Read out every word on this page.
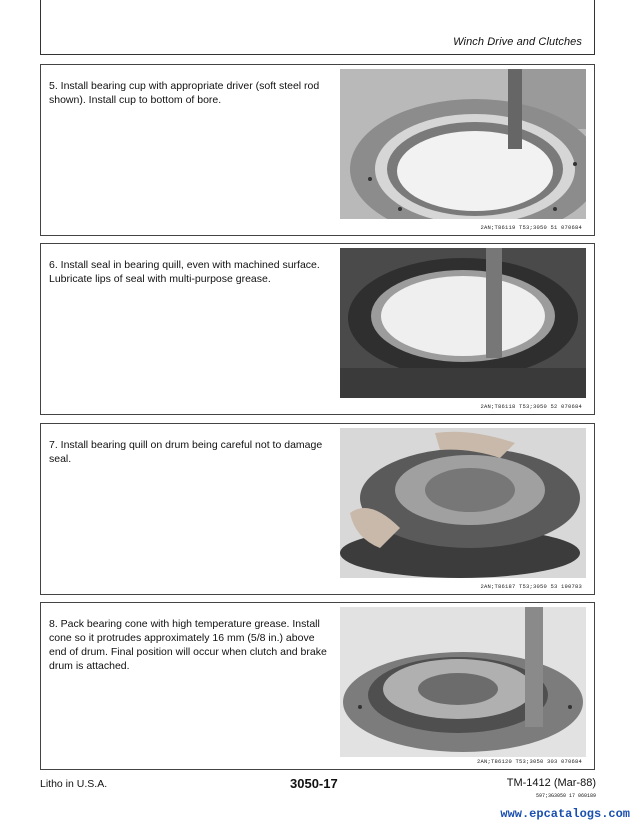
Winch Drive and Clutches
5. Install bearing cup with appropriate driver (soft steel rod shown). Install cup to bottom of bore.
2AN;T86119 T53;3050 51 070684
6. Install seal in bearing quill, even with machined surface. Lubricate lips of seal with multi-purpose grease.
2AN;T86118 T53;3050 52 070684
7. Install bearing quill on drum being careful not to damage seal.
2AN;T86187 T53;3050 53 190783
8. Pack bearing cone with high temperature grease. Install cone so it protrudes approximately 16 mm (5/8 in.) above end of drum. Final position will occur when clutch and brake drum is attached.
2AN;T86120 T53;3050 303 070684
Litho in U.S.A.	3050-17	TM-1412 (Mar-88)
597;3G3050 17 060189
www.epcatalogs.com
